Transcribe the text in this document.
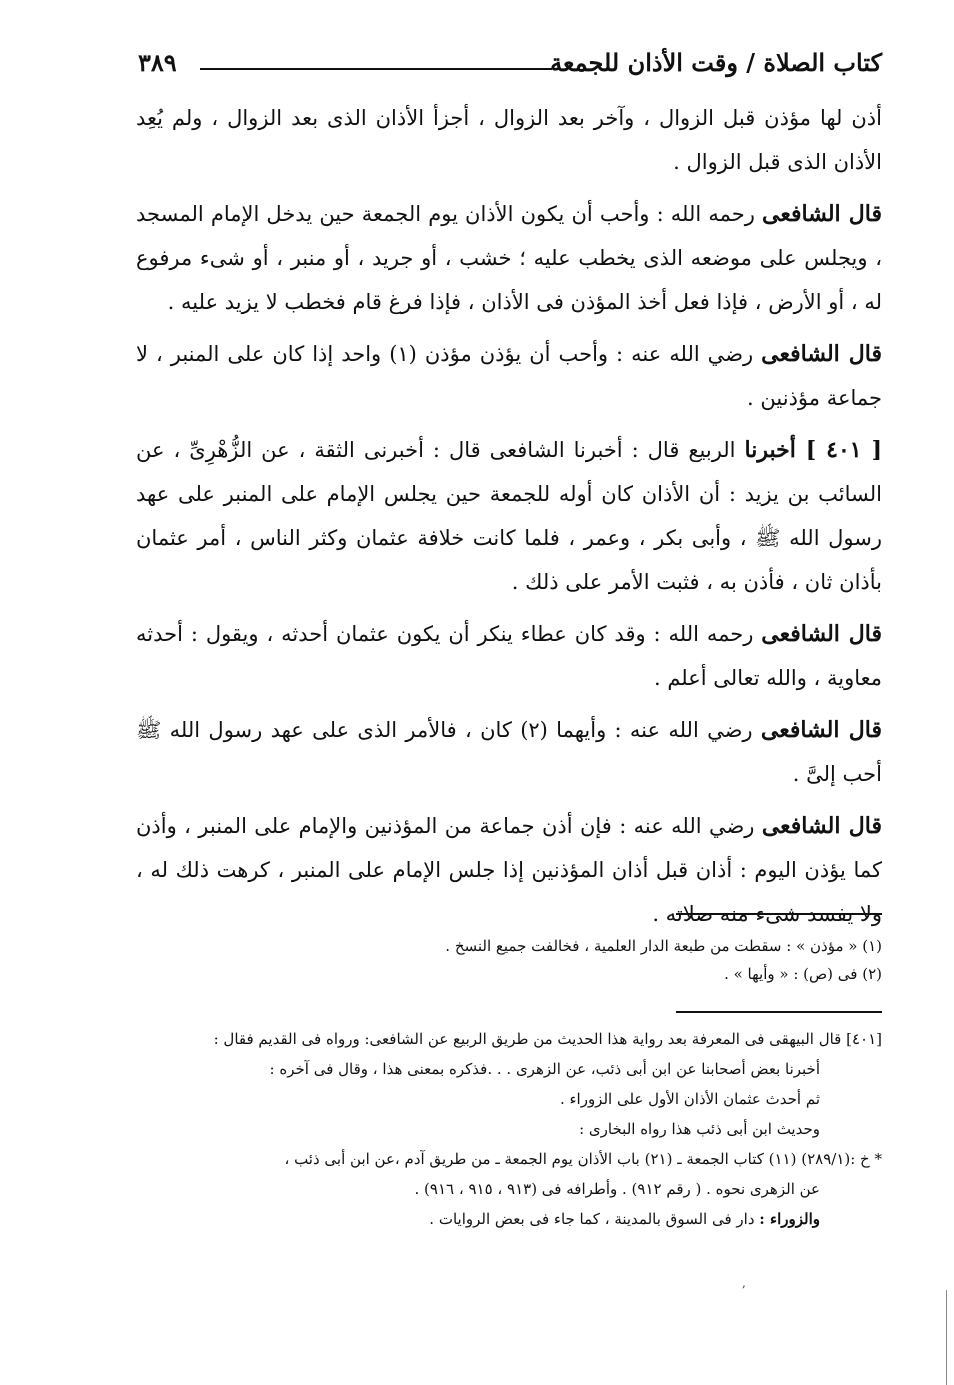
كتاب الصلاة / وقت الأذان للجمعة
٣٨٩

أذن لها مؤذن قبل الزوال ، وآخر بعد الزوال ، أجزأ الأذان الذى بعد الزوال ، ولم يُعِد الأذان الذى قبل الزوال .

قال الشافعى رحمه الله : وأحب أن يكون الأذان يوم الجمعة حين يدخل الإمام المسجد ، ويجلس على موضعه الذى يخطب عليه ؛ خشب ، أو جريد ، أو منبر ، أو شىء مرفوع له ، أو الأرض ، فإذا فعل أخذ المؤذن فى الأذان ، فإذا فرغ قام فخطب لا يزيد عليه .

قال الشافعى رضي الله عنه : وأحب أن يؤذن مؤذن (١) واحد إذا كان على المنبر ، لا جماعة مؤذنين .

[ ٤٠١ ] أخبرنا الربيع قال : أخبرنا الشافعى قال : أخبرنى الثقة ، عن الزُّهْرِىِّ ، عن السائب بن يزيد : أن الأذان كان أوله للجمعة حين يجلس الإمام على المنبر على عهد رسول الله ﷺ ، وأبى بكر ، وعمر ، فلما كانت خلافة عثمان وكثر الناس ، أمر عثمان بأذان ثان ، فأذن به ، فثبت الأمر على ذلك .

قال الشافعى رحمه الله : وقد كان عطاء ينكر أن يكون عثمان أحدثه ، ويقول : أحدثه معاوية ، والله تعالى أعلم .

قال الشافعى رضي الله عنه : وأيهما (٢) كان ، فالأمر الذى على عهد رسول الله ﷺ أحب إلىَّ .

قال الشافعى رضي الله عنه : فإن أذن جماعة من المؤذنين والإمام على المنبر ، وأذن كما يؤذن اليوم : أذان قبل أذان المؤذنين إذا جلس الإمام على المنبر ، كرهت ذلك له ، ولا يفسد شىء منه صلاته .

(١) « مؤذن » : سقطت من طبعة الدار العلمية ، فخالفت جميع النسخ .

(٢) فى (ص) : « وأيها » .

[٤٠١] قال البيهقى فى المعرفة بعد رواية هذا الحديث من طريق الربيع عن الشافعى: ورواه فى القديم فقال :

أخبرنا بعض أصحابنا عن ابن أبى ذئب، عن الزهرى . . .فذكره بمعنى هذا ، وقال فى آخره :

ثم أحدث عثمان الأذان الأول على الزوراء .

وحديث ابن أبى ذئب هذا رواه البخارى :

* خ :(٢٨٩/١) (١١) كتاب الجمعة ـ (٢١) باب الأذان يوم الجمعة ـ من طريق آدم ،عن ابن أبى ذئب ،

عن الزهرى نحوه . ( رقم ٩١٢) . وأطرافه فى (٩١٣ ، ٩١٥ ، ٩١٦) .

والزوراء : دار فى السوق بالمدينة ، كما جاء فى بعض الروايات .

,
